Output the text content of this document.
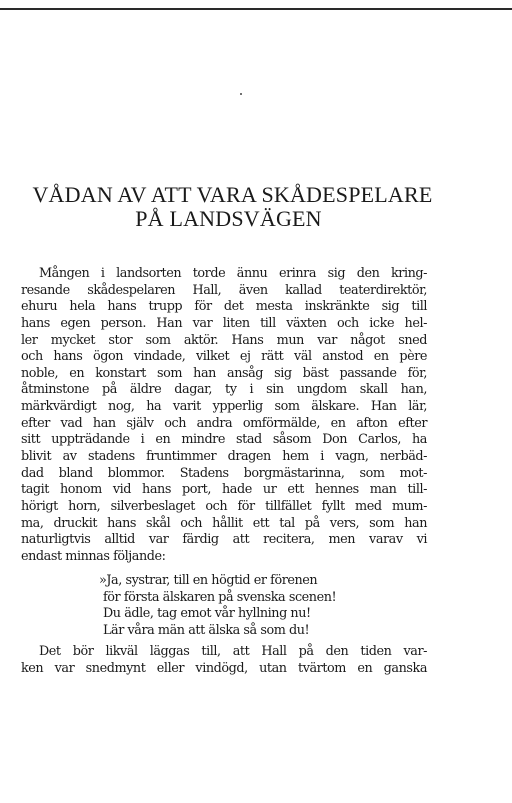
VÅDAN AV ATT VARA SKÅDESPELARE
PÅ LANDSVÄGEN
Mången i landsorten torde ännu erinra sig den kring-
resande skådespelaren Hall, även kallad teaterdirektör,
ehuru hela hans trupp för det mesta inskränkte sig till
hans egen person. Han var liten till växten och icke hel-
ler mycket stor som aktör. Hans mun var något sned
och hans ögon vindade, vilket ej rätt väl anstod en père
noble, en konstart som han ansåg sig bäst passande för,
åtminstone på äldre dagar, ty i sin ungdom skall han,
märkvärdigt nog, ha varit ypperlig som älskare. Han lär,
efter vad han själv och andra omförmälde, en afton efter
sitt uppträdande i en mindre stad såsom Don Carlos, ha
blivit av stadens fruntimmer dragen hem i vagn, nerbäd-
dad bland blommor. Stadens borgmästarinna, som mot-
tagit honom vid hans port, hade ur ett hennes man till-
hörigt horn, silverbeslaget och för tillfället fyllt med mum-
ma, druckit hans skål och hållit ett tal på vers, som han
naturligtvis alltid var färdig att recitera, men varav vi
endast minnas följande:
»Ja, systrar, till en högtid er förenen
för första älskaren på svenska scenen!
Du ädle, tag emot vår hyllning nu!
Lär våra män att älska så som du!
Det bör likväl läggas till, att Hall på den tiden var-
ken var snedmynt eller vindögd, utan tvärtom en ganska
